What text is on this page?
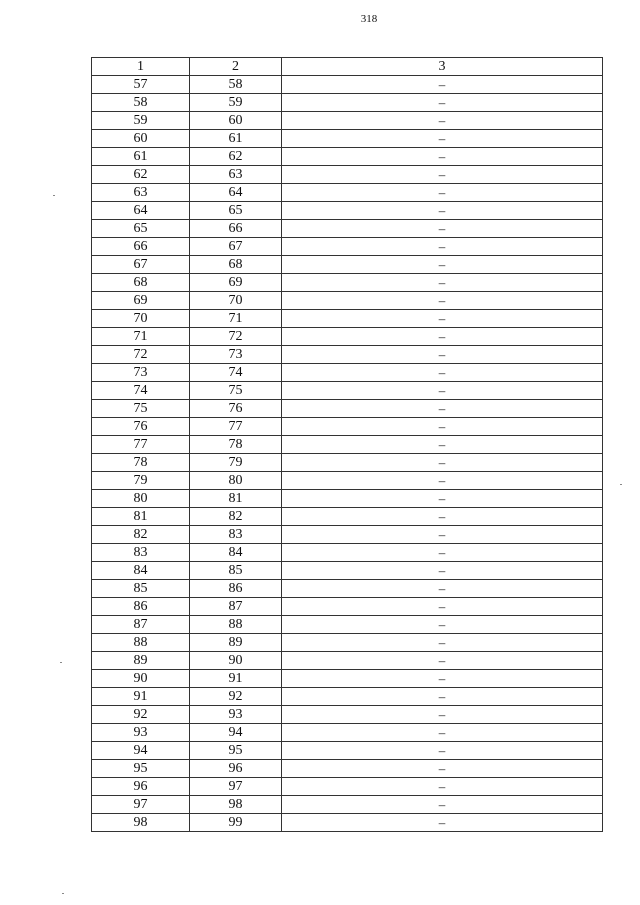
318
1	2	3
57	58	–
58	59	–
59	60	–
60	61	–
61	62	–
62	63	–
63	64	–
64	65	–
65	66	–
66	67	–
67	68	–
68	69	–
69	70	–
70	71	–
71	72	–
72	73	–
73	74	–
74	75	–
75	76	–
76	77	–
77	78	–
78	79	–
79	80	–
80	81	–
81	82	–
82	83	–
83	84	–
84	85	–
85	86	–
86	87	–
87	88	–
88	89	–
89	90	–
90	91	–
91	92	–
92	93	–
93	94	–
94	95	–
95	96	–
96	97	–
97	98	–
98	99	–
